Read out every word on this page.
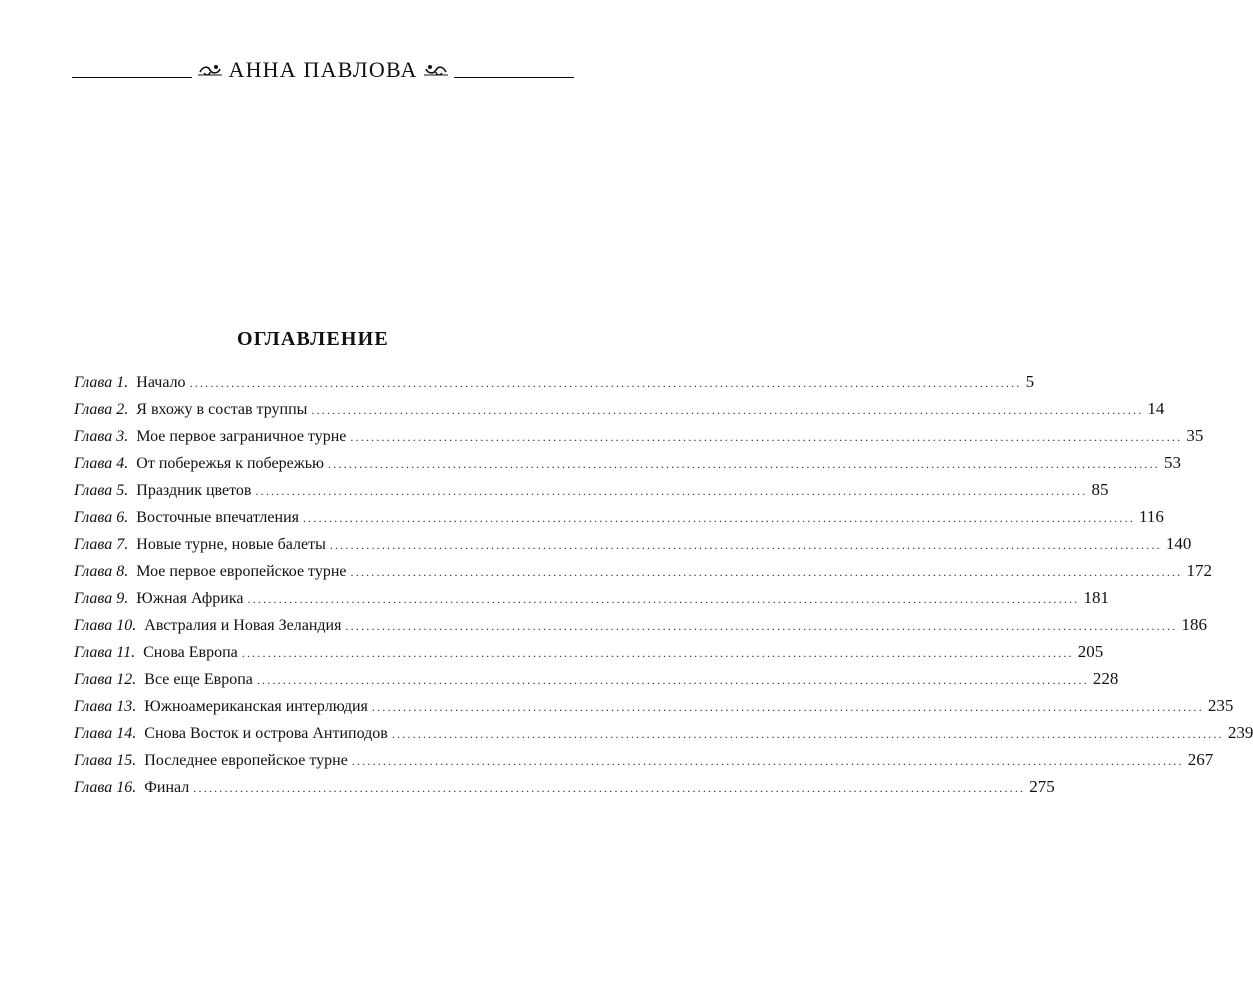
АННА ПАВЛОВА
ОГЛАВЛЕНИЕ
Глава 1. Начало ................................................................................................................................................................ 5
Глава 2. Я вхожу в состав труппы ................................................................................................................................................................ 14
Глава 3. Мое первое заграничное турне ................................................................................................................................................................ 35
Глава 4. От побережья к побережью ................................................................................................................................................................ 53
Глава 5. Праздник цветов ................................................................................................................................................................ 85
Глава 6. Восточные впечатления ................................................................................................................................................................ 116
Глава 7. Новые турне, новые балеты ................................................................................................................................................................ 140
Глава 8. Мое первое европейское турне ................................................................................................................................................................ 172
Глава 9. Южная Африка ................................................................................................................................................................ 181
Глава 10. Австралия и Новая Зеландия ................................................................................................................................................................ 186
Глава 11. Снова Европа ................................................................................................................................................................ 205
Глава 12. Все еще Европа ................................................................................................................................................................ 228
Глава 13. Южноамериканская интерлюдия ................................................................................................................................................................ 235
Глава 14. Снова Восток и острова Антиподов ................................................................................................................................................................ 239
Глава 15. Последнее европейское турне ................................................................................................................................................................ 267
Глава 16. Финал ................................................................................................................................................................ 275
